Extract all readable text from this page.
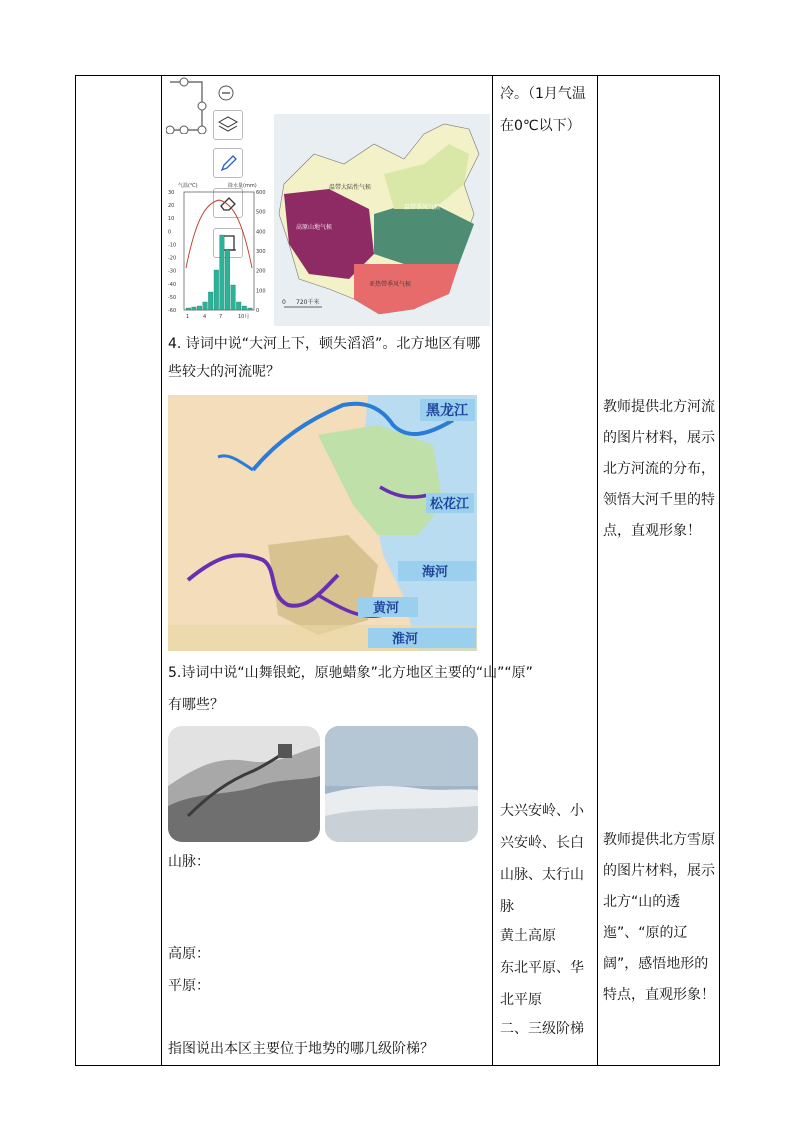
冷。（1月气温在0℃以下）
气温(℃)	降水量(mm)
30
20
10
0
-10
-20
-30
-40
-50
-60
600
500
400
300
200
100
0
1	4	7	10月
温带大陆性气候
温带季风气候
高原山地气候
亚热带季风气候
0 720千米
4. 诗词中说“大河上下，顿失滔滔”。北方地区有哪
些较大的河流呢？
黑龙江
松花江
海河
黄河
淮河
5.诗词中说“山舞银蛇，原驰蜡象”北方地区主要的“山”“原”
有哪些？
山脉：
高原：
平原：
指图说出本区主要位于地势的哪几级阶梯？
大兴安岭、小兴安岭、长白山脉、太行山脉
黄土高原
东北平原、华北平原
二、三级阶梯
教师提供北方河流的图片材料，展示北方河流的分布，领悟大河千里的特点，直观形象！
教师提供北方雪原的图片材料，展示北方“山的透迤”、“原的辽阔”，感悟地形的特点，直观形象！
